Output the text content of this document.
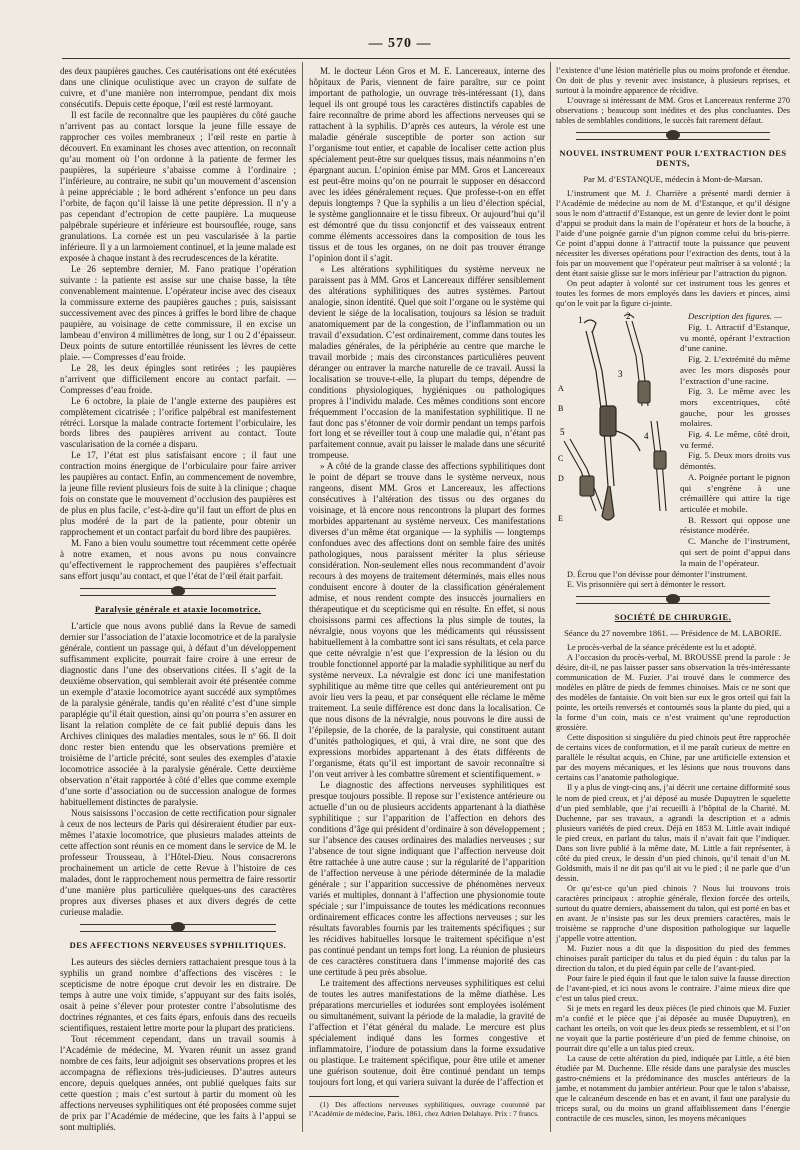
— 570 —

des deux paupières gauches. Ces cautérisations ont été exécutées dans une clinique oculistique avec un crayon de sulfate de cuivre, et d’une manière non interrompue, pendant dix mois consécutifs. Depuis cette époque, l’œil est resté larmoyant.

Il est facile de reconnaître que les paupières du côté gauche n’arrivent pas au contact lorsque la jeune fille essaye de rapprocher ces voiles membraneux ; l’œil reste en partie à découvert. En examinant les choses avec attention, on reconnaît qu’au moment où l’on ordonne à la patiente de fermer les paupières, la supérieure s’abaisse comme à l’ordinaire ; l’inférieure, au contraire, ne subit qu’un mouvement d’ascension à peine appréciable ; le bord adhérent s’enfonce un peu dans l’orbite, de façon qu’il laisse là une petite dépression. Il n’y a pas cependant d’ectropion de cette paupière. La muqueuse palpébrale supérieure et inférieure est boursouflée, rouge, sans granulations. La cornée est un peu vascularisée à la partie inférieure. Il y a un larmoiement continuel, et la jeune malade est exposée à chaque instant à des recrudescences de la kératite.

Le 26 septembre dernier, M. Fano pratique l’opération suivante : la patiente est assise sur une chaise basse, la tête convenablement maintenue. L’opérateur incise avec des ciseaux la commissure externe des paupières gauches ; puis, saisissant successivement avec des pinces à griffes le bord libre de chaque paupière, au voisinage de cette commissure, il en excise un lambeau d’environ 4 millimètres de long, sur 1 ou 2 d’épaisseur. Deux points de suture entortillée réunissent les lèvres de cette plaie. — Compresses d’eau froide.

Le 28, les deux épingles sont retirées ; les paupières n’arrivent que difficilement encore au contact parfait. — Compresses d’eau froide.

Le 6 octobre, la plaie de l’angle externe des paupières est complètement cicatrisée ; l’orifice palpébral est manifestement rétréci. Lorsque la malade contracte fortement l’orbiculaire, les bords libres des paupières arrivent au contact. Toute vascularisation de la cornée a disparu.

Le 17, l’état est plus satisfaisant encore ; il faut une contraction moins énergique de l’orbiculaire pour faire arriver les paupières au contact. Enfin, au commencement de novembre, la jeune fille revient plusieurs fois de suite à la clinique ; chaque fois on constate que le mouvement d’occlusion des paupières est de plus en plus facile, c’est-à-dire qu’il faut un effort de plus en plus modéré de la part de la patiente, pour obtenir un rapprochement et un contact parfait du bord libre des paupières.

M. Fano a bien voulu soumettre tout récemment cette opérée à notre examen, et nous avons pu nous convaincre qu’effectivement le rapprochement des paupières s’effectuait sans effort jusqu’au contact, et que l’état de l’œil était parfait.

Paralysie générale et ataxie locomotrice.

L’article que nous avons publié dans la Revue de samedi dernier sur l’association de l’ataxie locomotrice et de la paralysie générale, contient un passage qui, à défaut d’un développement suffisamment explicite, pourrait faire croire à une erreur de diagnostic dans l’une des observations citées. Il s’agit de la deuxième observation, qui semblerait avoir été présentée comme un exemple d’ataxie locomotrice ayant succédé aux symptômes de la paralysie générale, tandis qu’en réalité c’est d’une simple paraplégie qu’il était question, ainsi qu’on pourra s’en assurer en lisant la relation complète de ce fait publié depuis dans les Archives cliniques des maladies mentales, sous le nº 66. Il doit donc rester bien entendu que les observations première et troisième de l’article précité, sont seules des exemples d’ataxie locomotrice associée à la paralysie générale. Cette deuxième observation n’était rapportée à côté d’elles que comme exemple d’une sorte d’association ou de succession analogue de formes habituellement distinctes de paralysie.

Nous saisissons l’occasion de cette rectification pour signaler à ceux de nos lecteurs de Paris qui désireraient étudier par eux-mêmes l’ataxie locomotrice, que plusieurs malades atteints de cette affection sont réunis en ce moment dans le service de M. le professeur Trousseau, à l’Hôtel-Dieu. Nous consacrerons prochainement un article de cette Revue à l’histoire de ces malades, dont le rapprochement nous permettra de faire ressortir d’une manière plus particulière quelques-uns des caractères propres aux diverses phases et aux divers degrés de cette curieuse maladie.

DES AFFECTIONS NERVEUSES SYPHILITIQUES.

Les auteurs des siècles derniers rattachaient presque tous à la syphilis un grand nombre d’affections des viscères : le scepticisme de notre époque crut devoir les en distraire. De temps à autre une voix timide, s’appuyant sur des faits isolés, osait à peine s’élever pour protester contre l’absolutisme des doctrines régnantes, et ces faits épars, enfouis dans des recueils scientifiques, restaient lettre morte pour la plupart des praticiens.

Tout récemment cependant, dans un travail soumis à l’Académie de médecine, M. Yvaren réunit un assez grand nombre de ces faits, leur adjoignit ses observations propres et les accompagna de réflexions très-judicieuses. D’autres auteurs encore, depuis quelques années, ont publié quelques faits sur cette question ; mais c’est surtout à partir du moment où les affections nerveuses syphilitiques ont été proposées comme sujet de prix par l’Académie de médecine, que les faits à l’appui se sont multipliés.

M. le docteur Léon Gros et M. E. Lancereaux, interne des hôpitaux de Paris, viennent de faire paraître, sur ce point important de pathologie, un ouvrage très-intéressant (1), dans lequel ils ont groupé tous les caractères distinctifs capables de faire reconnaître de prime abord les affections nerveuses qui se rattachent à la syphilis. D’après ces auteurs, la vérole est une maladie générale susceptible de porter son action sur l’organisme tout entier, et capable de localiser cette action plus spécialement peut-être sur quelques tissus, mais néanmoins n’en épargnant aucun. L’opinion émise par MM. Gros et Lancereaux est peut-être moins qu’on ne pourrait le supposer en désaccord avec les idées généralement reçues. Que professe-t-on en effet depuis longtemps ? Que la syphilis a un lieu d’élection spécial, le système ganglionnaire et le tissu fibreux. Or aujourd’hui qu’il est démontré que du tissu conjonctif et des vaisseaux entrent comme éléments accessoires dans la composition de tous les tissus et de tous les organes, on ne doit pas trouver étrange l’opinion dont il s’agit.

« Les altérations syphilitiques du système nerveux ne paraissent pas à MM. Gros et Lancereaux différer sensiblement des altérations syphilitiques des autres systèmes. Partout analogie, sinon identité. Quel que soit l’organe ou le système qui devient le siége de la localisation, toujours sa lésion se traduit anatomiquement par de la congestion, de l’inflammation ou un travail d’exsudation. C’est ordinairement, comme dans toutes les maladies générales, de la périphérie au centre que marche le travail morbide ; mais des circonstances particulières peuvent déranger ou entraver la marche naturelle de ce travail. Aussi la localisation se trouve-t-elle, la plupart du temps, dépendre de conditions physiologiques, hygiéniques ou pathologiques propres à l’individu malade. Ces mêmes conditions sont encore fréquemment l’occasion de la manifestation syphilitique. Il ne faut donc pas s’étonner de voir dormir pendant un temps parfois fort long et se réveiller tout à coup une maladie qui, n’étant pas parfaitement connue, avait pu laisser le malade dans une sécurité trompeuse.

» A côté de la grande classe des affections syphilitiques dont le point de départ se trouve dans le système nerveux, nous rangeons, disent MM. Gros et Lancereaux, les affections consécutives à l’altération des tissus ou des organes du voisinage, et là encore nous rencontrons la plupart des formes morbides appartenant au système nerveux. Ces manifestations diverses d’un même état organique — la syphilis — longtemps confondues avec des affections dont on semble faire des unités pathologiques, nous paraissent mériter la plus sérieuse considération. Non-seulement elles nous recommandent d’avoir recours à des moyens de traitement déterminés, mais elles nous conduisent encore à douter de la classification généralement admise, et nous rendent compte des insuccès journaliers en thérapeutique et du scepticisme qui en résulte. En effet, si nous choisissons parmi ces affections la plus simple de toutes, la névralgie, nous voyons que les médicaments qui réussissent habituellement à la combattre sont ici sans résultats, et cela parce que cette névralgie n’est que l’expression de la lésion ou du trouble fonctionnel apporté par la maladie syphilitique au nerf du système nerveux. La névralgie est donc ici une manifestation syphilitique au même titre que celles qui antérieurement ont pu avoir lieu vers la peau, et par conséquent elle réclame le même traitement. La seule différence est donc dans la localisation. Ce que nous disons de la névralgie, nous pouvons le dire aussi de l’épilepsie, de la chorée, de la paralysie, qui constituent autant d’unités pathologiques, et qui, à vrai dire, ne sont que des expressions morbides appartenant à des états différents de l’organisme, états qu’il est important de savoir reconnaître si l’on veut arriver à les combattre sûrement et scientifiquement. »

Le diagnostic des affections nerveuses syphilitiques est presque toujours possible. Il repose sur l’existence antérieure ou actuelle d’un ou de plusieurs accidents appartenant à la diathèse syphilitique ; sur l’apparition de l’affection en dehors des conditions d’âge qui président d’ordinaire à son développement ; sur l’absence des causes ordinaires des maladies nerveuses ; sur l’absence de tout signe indiquant que l’affection nerveuse doit être rattachée à une autre cause ; sur la régularité de l’apparition de l’affection nerveuse à une période déterminée de la maladie générale ; sur l’apparition successive de phénomènes nerveux variés et multiples, donnant à l’affection une physionomie toute spéciale ; sur l’impuissance de toutes les médications reconnues ordinairement efficaces contre les affections nerveuses ; sur les résultats favorables fournis par les traitements spécifiques ; sur les récidives habituelles lorsque le traitement spécifique n’est pas continué pendant un temps fort long. La réunion de plusieurs de ces caractères constituera dans l’immense majorité des cas une certitude à peu près absolue.

Le traitement des affections nerveuses syphilitiques est celui de toutes les autres manifestations de la même diathèse. Les préparations mercurielles et iodurées sont employées isolément ou simultanément, suivant la période de la maladie, la gravité de l’affection et l’état général du malade. Le mercure est plus spécialement indiqué dans les formes congestive et inflammatoire, l’iodure de potassium dans la forme exsudative ou plastique. Le traitement spécifique, pour être utile et amener une guérison soutenue, doit être continué pendant un temps toujours fort long, et qui variera suivant la durée de l’affection et

(1) Des affections nerveuses syphilitiques, ouvrage couronné par l’Académie de médecine, Paris, 1861, chez Adrien Delahaye. Prix : 7 francs.

l’existence d’une lésion matérielle plus ou moins profonde et étendue. On doit de plus y revenir avec insistance, à plusieurs reprises, et surtout à la moindre apparence de récidive.

L’ouvrage si intéressant de MM. Gros et Lancereaux renferme 270 observations ; beaucoup sont inédites et des plus concluantes. Des tables de semblables conditions, le succès fait rarement défaut.

NOUVEL INSTRUMENT POUR L’EXTRACTION DES DENTS,
Par M. d’ESTANQUE, médecin à Mont-de-Marsan.

L’instrument que M. J. Charrière a présenté mardi dernier à l’Académie de médecine au nom de M. d’Estanque, et qu’il désigne sous le nom d’attractif d’Estanque, est un genre de levier dont le point d’appui se produit dans la main de l’opérateur et hors de la bouche, à l’aide d’une poignée garnie d’un pignon comme celui du bris-pierre. Ce point d’appui donne à l’attractif toute la puissance que peuvent nécessiter les diverses opérations pour l’extraction des dents, tout à la fois par un mouvement que l’opérateur peut maîtriser à sa volonté ; la dent étant saisie glisse sur le mors inférieur par l’attraction du pignon.

On peut adapter à volonté sur cet instrument tous les genres et toutes les formes de mors employés dans les daviers et pinces, ainsi qu’on le voit par la figure ci-jointe.

1	2
3
4
5
A
B
C
D
E

Description des figures. —

Fig. 1. Attractif d’Estanque, vu monté, opérant l’extraction d’une canine.

Fig. 2. L’extrémité du même avec les mors disposés pour l’extraction d’une racine.

Fig. 3. Le même avec les mors excentriques, côté gauche, pour les grosses molaires.

Fig. 4. Le même, côté droit, vu fermé.

Fig. 5. Deux mors droits vus démontés.

A. Poignée portant le pignon qui s’engrène à une crémaillère qui attire la tige articulée et mobile.

B. Ressort qui oppose une résistance modérée.

C. Manche de l’instrument, qui sert de point d’appui dans la main de l’opérateur.

D. Écrou que l’on dévisse pour démonter l’instrument.

E. Vis prisonnière qui sert à démonter le ressort.

SOCIÉTÉ DE CHIRURGIE.
Séance du 27 novembre 1861. — Présidence de M. LABORIE.

Le procès-verbal de la séance précédente est lu et adopté.

A l’occasion du procès-verbal, M. BROUSSE prend la parole : Je désire, dit-il, ne pas laisser passer sans observation la très-intéressante communication de M. Fuzier. J’ai trouvé dans le commerce des modèles en plâtre de pieds de femmes chinoises. Mais ce ne sont que des modèles de fantaisie. On voit bien sur eux le gros orteil qui fait la pointe, les orteils renversés et contournés sous la plante du pied, qui a la forme d’un coin, mais ce n’est vraiment qu’une reproduction grossière.

Cette disposition si singulière du pied chinois peut être rapprochée de certains vices de conformation, et il me paraît curieux de mettre en parallèle le résultat acquis, en Chine, par une artificielle extension et par des moyens mécaniques, et les lésions que nous trouvons dans certains cas l’anatomie pathologique.

Il y a plus de vingt-cinq ans, j’ai décrit une certaine difformité sous le nom de pied creux, et j’ai déposé au musée Dupuytren le squelette d’un pied semblable, que j’ai recueilli à l’hôpital de la Charité. M. Duchenne, par ses travaux, a agrandi la description et a admis plusieurs variétés de pied creux. Déjà en 1853 M. Little avait indiqué le pied creux, en parlant du talus, mais il n’avait fait que l’indiquer. Dans son livre publié à la même date, M. Little a fait représenter, à côté du pied creux, le dessin d’un pied chinois, qu’il tenait d’un M. Goldsmith, mais il ne dit pas qu’il ait vu le pied ; il ne parle que d’un dessin.

Or qu’est-ce qu’un pied chinois ? Nous lui trouvons trois caractères principaux : atrophie générale, flexion forcée des orteils, surtout du quatre derniers, abaissement du talon, qui est porté en bas et en avant. Je n’insiste pas sur les deux premiers caractères, mais le troisième se rapproche d’une disposition pathologique sur laquelle j’appelle votre attention.

M. Fuzier nous a dit que la disposition du pied des femmes chinoises paraît participer du talus et du pied équin : du talus par la direction du talon, et du pied équin par celle de l’avant-pied.

Pour faire le pied équin il faut que le talon suive la fausse direction de l’avant-pied, et ici nous avons le contraire. J’aime mieux dire que c’est un talus pied creux.

Si je mets en regard les deux pièces (le pied chinois que M. Fuzier m’a confié et le pièce que j’ai déposée au musée Dupuytren), en cachant les orteils, on voit que les deux pieds se ressemblent, et si l’on ne voyait que la partie postérieure d’un pied de femme chinoise, on pourrait dire qu’elle a un talus pied creux.

La cause de cette altération du pied, indiquée par Little, a été bien étudiée par M. Duchenne. Elle réside dans une paralysie des muscles gastro-cnémiens et la prédominance des muscles antérieurs de la jambe, et notamment du jambier antérieur. Pour que le talon s’abaisse, que le calcanéum descende en bas et en avant, il faut une paralysie du triceps sural, ou du moins un grand affaiblissement dans l’énergie contractile de ces muscles, sinon, les moyens mécaniques
